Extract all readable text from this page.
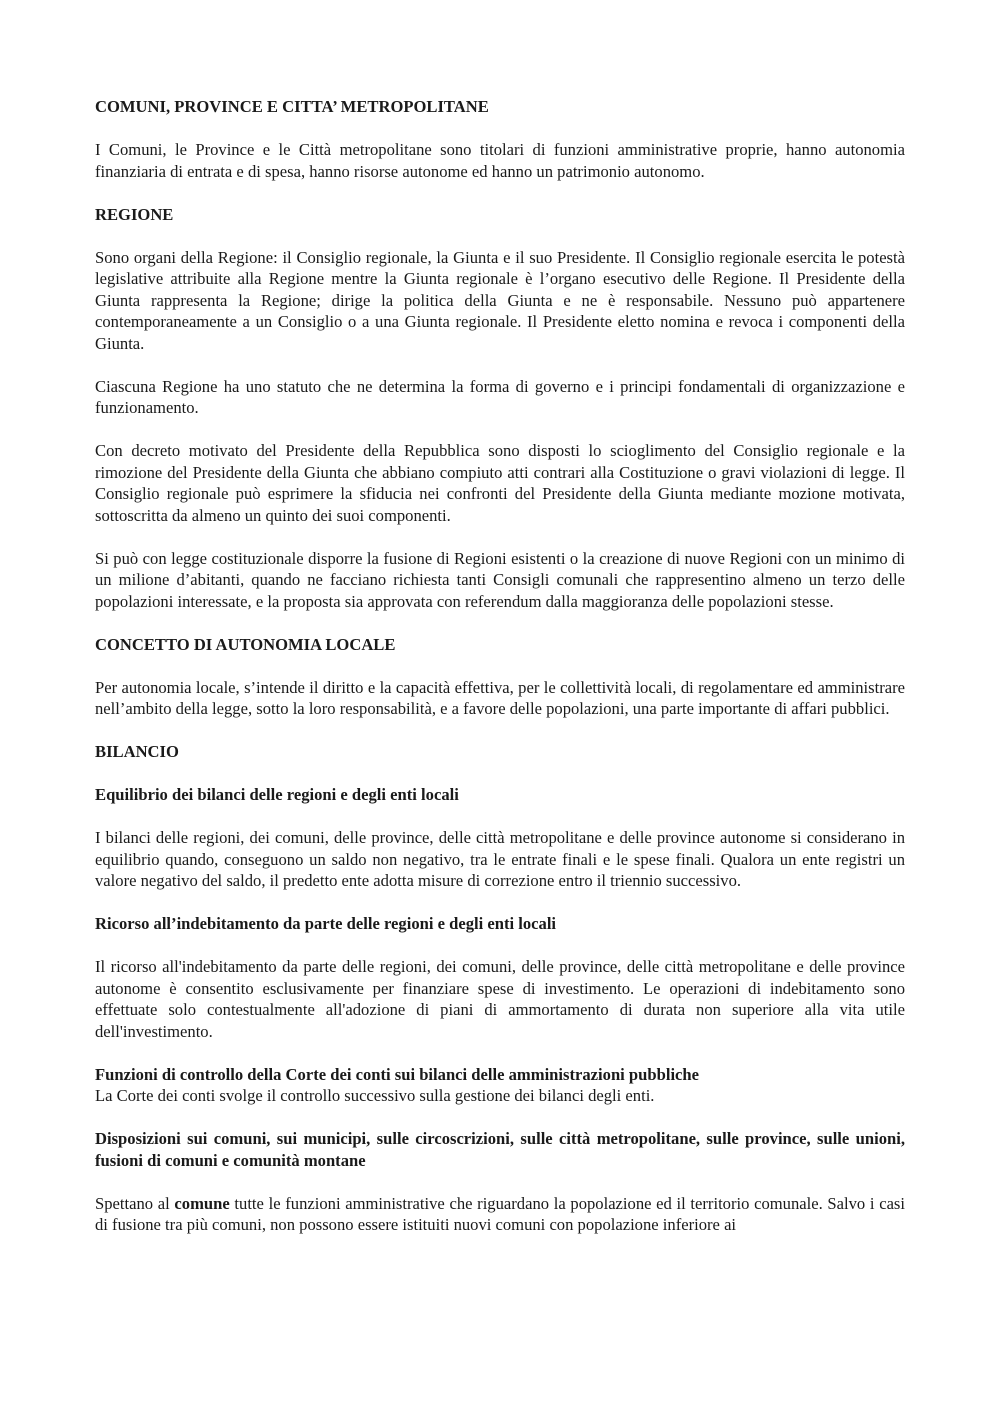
COMUNI, PROVINCE E CITTA’ METROPOLITANE

I Comuni, le Province e le Città metropolitane sono titolari di funzioni amministrative proprie, hanno autonomia finanziaria di entrata e di spesa, hanno risorse autonome ed hanno un patrimonio autonomo.

REGIONE

Sono organi della Regione: il Consiglio regionale, la Giunta e il suo Presidente. Il Consiglio regionale esercita le potestà legislative attribuite alla Regione mentre la Giunta regionale è l’organo esecutivo delle Regione. Il Presidente della Giunta rappresenta la Regione; dirige la politica della Giunta e ne è responsabile. Nessuno può appartenere contemporaneamente a un Consiglio o a una Giunta regionale. Il Presidente eletto nomina e revoca i componenti della Giunta.

Ciascuna Regione ha uno statuto che ne determina la forma di governo e i principi fondamentali di organizzazione e funzionamento.

Con decreto motivato del Presidente della Repubblica sono disposti lo scioglimento del Consiglio regionale e la rimozione del Presidente della Giunta che abbiano compiuto atti contrari alla Costituzione o gravi violazioni di legge. Il Consiglio regionale può esprimere la sfiducia nei confronti del Presidente della Giunta mediante mozione motivata, sottoscritta da almeno un quinto dei suoi componenti.

Si può con legge costituzionale disporre la fusione di Regioni esistenti o la creazione di nuove Regioni con un minimo di un milione d’abitanti, quando ne facciano richiesta tanti Consigli comunali che rappresentino almeno un terzo delle popolazioni interessate, e la proposta sia approvata con referendum dalla maggioranza delle popolazioni stesse.

CONCETTO DI AUTONOMIA LOCALE

Per autonomia locale, s’intende il diritto e la capacità effettiva, per le collettività locali, di regolamentare ed amministrare nell’ambito della legge, sotto la loro responsabilità, e a favore delle popolazioni, una parte importante di affari pubblici.

BILANCIO

Equilibrio dei bilanci delle regioni e degli enti locali

I bilanci delle regioni, dei comuni, delle province, delle città metropolitane e delle province autonome si considerano in equilibrio quando, conseguono un saldo non negativo, tra le entrate finali e le spese finali. Qualora un ente registri un valore negativo del saldo, il predetto ente adotta misure di correzione entro il triennio successivo.

Ricorso all’indebitamento da parte delle regioni e degli enti locali

Il ricorso all'indebitamento da parte delle regioni, dei comuni, delle province, delle città metropolitane e delle province autonome è consentito esclusivamente per finanziare spese di investimento. Le operazioni di indebitamento sono effettuate solo contestualmente all'adozione di piani di ammortamento di durata non superiore alla vita utile dell'investimento.

Funzioni di controllo della Corte dei conti sui bilanci delle amministrazioni pubbliche

La Corte dei conti svolge il controllo successivo sulla gestione dei bilanci degli enti.

Disposizioni sui comuni, sui municipi, sulle circoscrizioni, sulle città metropolitane, sulle province, sulle unioni, fusioni di comuni e comunità montane

Spettano al comune tutte le funzioni amministrative che riguardano la popolazione ed il territorio comunale. Salvo i casi di fusione tra più comuni, non possono essere istituiti nuovi comuni con popolazione inferiore ai
